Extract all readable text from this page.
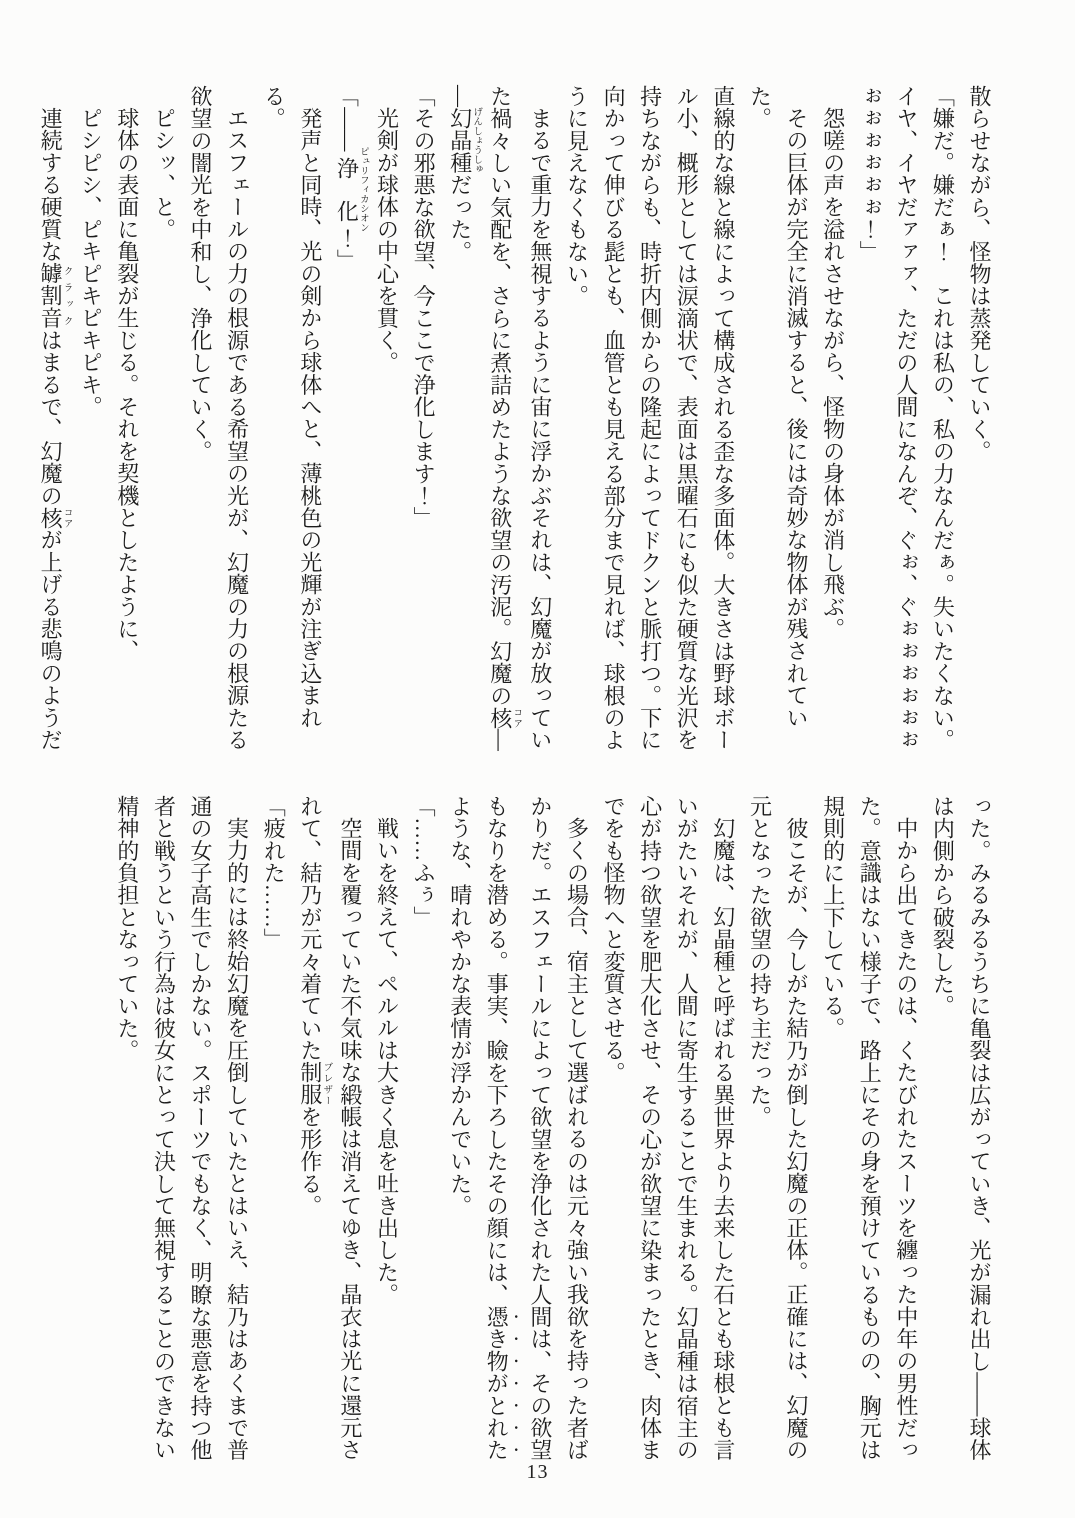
散らせながら、怪物は蒸発していく。

「嫌だ。嫌だぁ！　これは私の、私の力なんだぁ。失いたくない。

イヤ、イヤだァァァ、ただの人間になんぞ、ぐぉ、ぐぉぉぉぉぉぉ

ぉぉぉぉぉぉ！」

怨嗟の声を溢れさせながら、怪物の身体が消し飛ぶ。

その巨体が完全に消滅すると、後には奇妙な物体が残されていた。

直線的な線と線によって構成される歪な多面体。大きさは野球ボー

ル小、概形としては涙滴状で、表面は黒曜石にも似た硬質な光沢を

持ちながらも、時折内側からの隆起によってドクンと脈打つ。下に

向かって伸びる髭とも、血管とも見える部分まで見れば、球根のよ

うに見えなくもない。

まるで重力を無視するように宙に浮かぶそれは、幻魔が放ってい

た禍々しい気配を、さらに煮詰めたような欲望の汚泥。幻魔の核コア―

―幻晶種げんしょうしゅだった。

「その邪悪な欲望、今ここで浄化します！」

光剣が球体の中心を貫く。

「――浄化ピュリフィカシオン！」

発声と同時、光の剣から球体へと、薄桃色の光輝が注ぎ込まれる。

エスフェールの力の根源である希望の光が、幻魔の力の根源たる

欲望の闇光を中和し、浄化していく。

ピシッ、と。

球体の表面に亀裂が生じる。それを契機としたように、

ピシピシ、ピキピキピキピキ。

連続する硬質な罅割音クラックはまるで、幻魔の核コアが上げる悲鳴のようだ

った。みるみるうちに亀裂は広がっていき、光が漏れ出し――球体

は内側から破裂した。

中から出てきたのは、くたびれたスーツを纏った中年の男性だっ

た。意識はない様子で、路上にその身を預けているものの、胸元は

規則的に上下している。

彼こそが、今しがた結乃が倒した幻魔の正体。正確には、幻魔の

元となった欲望の持ち主だった。

幻魔は、幻晶種と呼ばれる異世界より去来した石とも球根とも言

いがたいそれが、人間に寄生することで生まれる。幻晶種は宿主の

心が持つ欲望を肥大化させ、その心が欲望に染まったとき、肉体ま

でをも怪物へと変質させる。

多くの場合、宿主として選ばれるのは元々強い我欲を持った者ば

かりだ。エスフェールによって欲望を浄化された人間は、その欲望

もなりを潜める。事実、瞼を下ろしたその顔には、憑き物がとれた

ような、晴れやかな表情が浮かんでいた。

「……ふぅ」

戦いを終えて、ペルルは大きく息を吐き出した。

空間を覆っていた不気味な緞帳は消えてゆき、晶衣は光に還元さ

れて、結乃が元々着ていた制服ブレザーを形作る。

「疲れた……」

実力的には終始幻魔を圧倒していたとはいえ、結乃はあくまで普

通の女子高生でしかない。スポーツでもなく、明瞭な悪意を持つ他

者と戦うという行為は彼女にとって決して無視することのできない

精神的負担となっていた。

13
